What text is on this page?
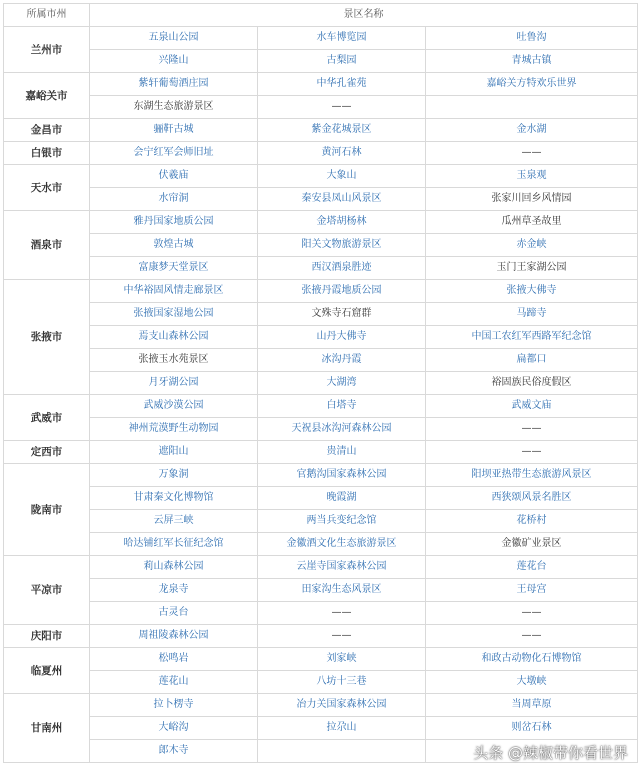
所属市州	景区名称		
兰州市	五泉山公园	水车博览园	吐鲁沟
	兴隆山	古梨园	青城古镇
嘉峪关市	紫轩葡萄酒庄园	中华孔雀苑	嘉峪关方特欢乐世界
	东湖生态旅游景区	——	
金昌市	骊靬古城	紫金花城景区	金水湖
白银市	会宁红军会师旧址	黄河石林	——
天水市	伏羲庙	大象山	玉泉观
	水帘洞	秦安县凤山风景区	张家川回乡风情园
酒泉市	雅丹国家地质公园	金塔胡杨林	瓜州草圣故里
	敦煌古城	阳关文物旅游景区	赤金峡
	富康梦天堂景区	西汉酒泉胜迹	玉门王家湖公园
张掖市	中华裕固风情走廊景区	张掖丹霞地质公园	张掖大佛寺
	张掖国家湿地公园	文殊寺石窟群	马蹄寺
	焉支山森林公园	山丹大佛寺	中国工农红军西路军纪念馆
	张掖玉水苑景区	冰沟丹霞	扁都口
	月牙湖公园	大湖湾	裕固族民俗度假区
武威市	武威沙漠公园	白塔寺	武威文庙
	神州荒漠野生动物园	天祝县冰沟河森林公园	——
定西市	遮阳山	贵清山	——
陇南市	万象洞	官鹅沟国家森林公园	阳坝亚热带生态旅游风景区
	甘肃秦文化博物馆	晚霞湖	西狭颂风景名胜区
	云屏三峡	两当兵变纪念馆	花桥村
	哈达铺红军长征纪念馆	金徽酒文化生态旅游景区	金徽矿业景区
平凉市	莉山森林公园	云崖寺国家森林公园	莲花台
	龙泉寺	田家沟生态风景区	王母宫
	古灵台	——	——
庆阳市	周祖陵森林公园	——	——
临夏州	松鸣岩	刘家峡	和政古动物化石博物馆
	莲花山	八坊十三巷	大墩峡
甘南州	拉卜楞寺	冶力关国家森林公园	当周草原
	大峪沟	拉尕山	则岔石林
	郎木寺			头条 @辣椒带你看世界
